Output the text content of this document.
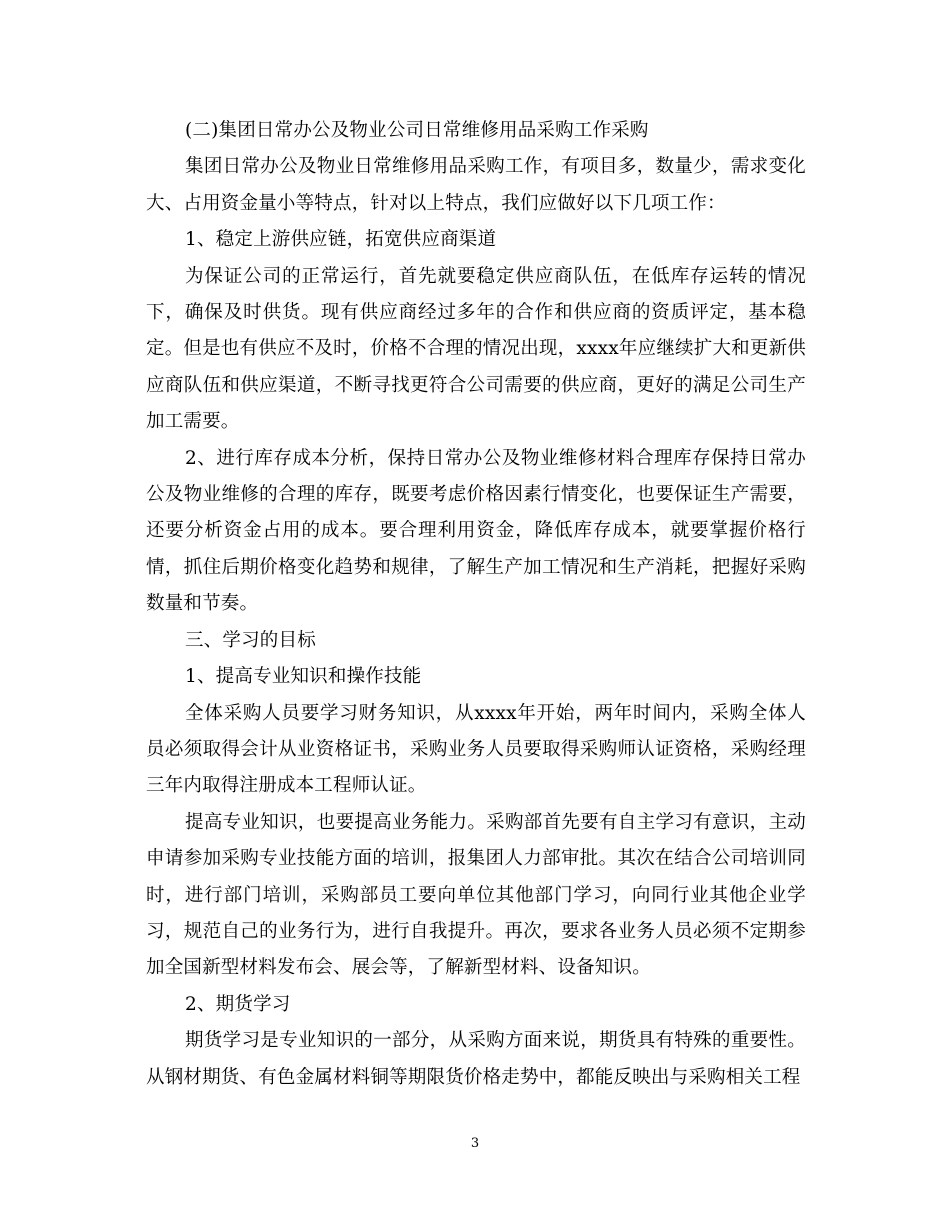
(二)集团日常办公及物业公司日常维修用品采购工作采购

集团日常办公及物业日常维修用品采购工作，有项目多，数量少，需求变化大、占用资金量小等特点，针对以上特点，我们应做好以下几项工作：

1、稳定上游供应链，拓宽供应商渠道

为保证公司的正常运行，首先就要稳定供应商队伍，在低库存运转的情况下，确保及时供货。现有供应商经过多年的合作和供应商的资质评定，基本稳定。但是也有供应不及时，价格不合理的情况出现，xxxx年应继续扩大和更新供应商队伍和供应渠道，不断寻找更符合公司需要的供应商，更好的满足公司生产加工需要。

2、进行库存成本分析，保持日常办公及物业维修材料合理库存保持日常办公及物业维修的合理的库存，既要考虑价格因素行情变化，也要保证生产需要，还要分析资金占用的成本。要合理利用资金，降低库存成本，就要掌握价格行情，抓住后期价格变化趋势和规律，了解生产加工情况和生产消耗，把握好采购数量和节奏。

三、学习的目标

1、提高专业知识和操作技能

全体采购人员要学习财务知识，从xxxx年开始，两年时间内，采购全体人员必须取得会计从业资格证书，采购业务人员要取得采购师认证资格，采购经理三年内取得注册成本工程师认证。

提高专业知识，也要提高业务能力。采购部首先要有自主学习有意识，主动申请参加采购专业技能方面的培训，报集团人力部审批。其次在结合公司培训同时，进行部门培训，采购部员工要向单位其他部门学习，向同行业其他企业学习，规范自己的业务行为，进行自我提升。再次，要求各业务人员必须不定期参加全国新型材料发布会、展会等，了解新型材料、设备知识。

2、期货学习

期货学习是专业知识的一部分，从采购方面来说，期货具有特殊的重要性。从钢材期货、有色金属材料铜等期限货价格走势中，都能反映出与采购相关工程

3
